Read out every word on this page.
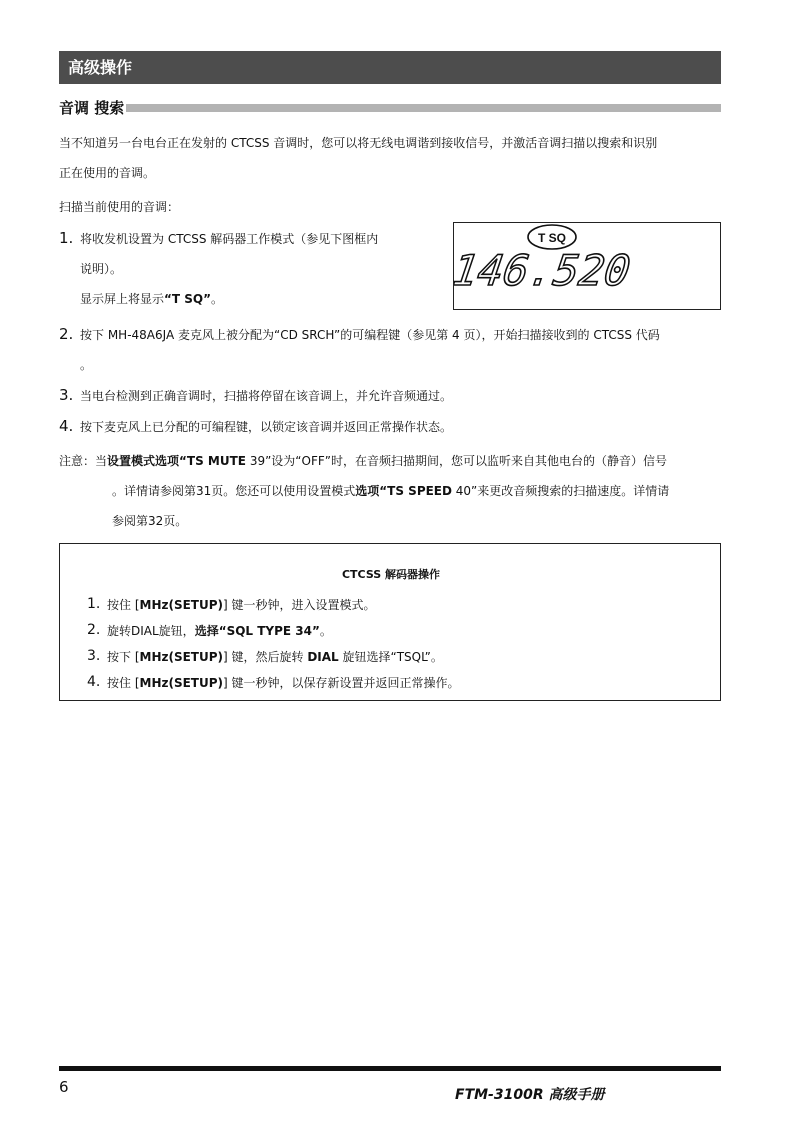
高级操作
音调 搜索
当不知道另一台电台正在发射的 CTCSS 音调时，您可以将无线电调谐到接收信号，并激活音调扫描以搜索和识别
正在使用的音调。
扫描当前使用的音调：
1. 将收发机设置为 CTCSS 解码器工作模式（参见下图框内
说明）。
显示屏上将显示“T SQ”。
T SQ
146.520
2. 按下 MH-48A6JA 麦克风上被分配为“CD SRCH”的可编程键（参见第 4 页），开始扫描接收到的 CTCSS 代码
。
3. 当电台检测到正确音调时，扫描将停留在该音调上，并允许音频通过。
4. 按下麦克风上已分配的可编程键，以锁定该音调并返回正常操作状态。
注意：当设置模式选项“TS MUTE 39”设为“OFF”时，在音频扫描期间，您可以监听来自其他电台的（静音）信号
。详情请参阅第31页。您还可以使用设置模式选项“TS SPEED 40”来更改音频搜索的扫描速度。详情请
参阅第32页。
CTCSS 解码器操作
1. 按住 [MHz(SETUP)] 键一秒钟，进入设置模式。
2. 旋转DIAL旋钮，选择“SQL TYPE 34”。
3. 按下 [MHz(SETUP)] 键，然后旋转 DIAL 旋钮选择“TSQL”。
4. 按住 [MHz(SETUP)] 键一秒钟，以保存新设置并返回正常操作。
6	FTM-3100R 高级手册
